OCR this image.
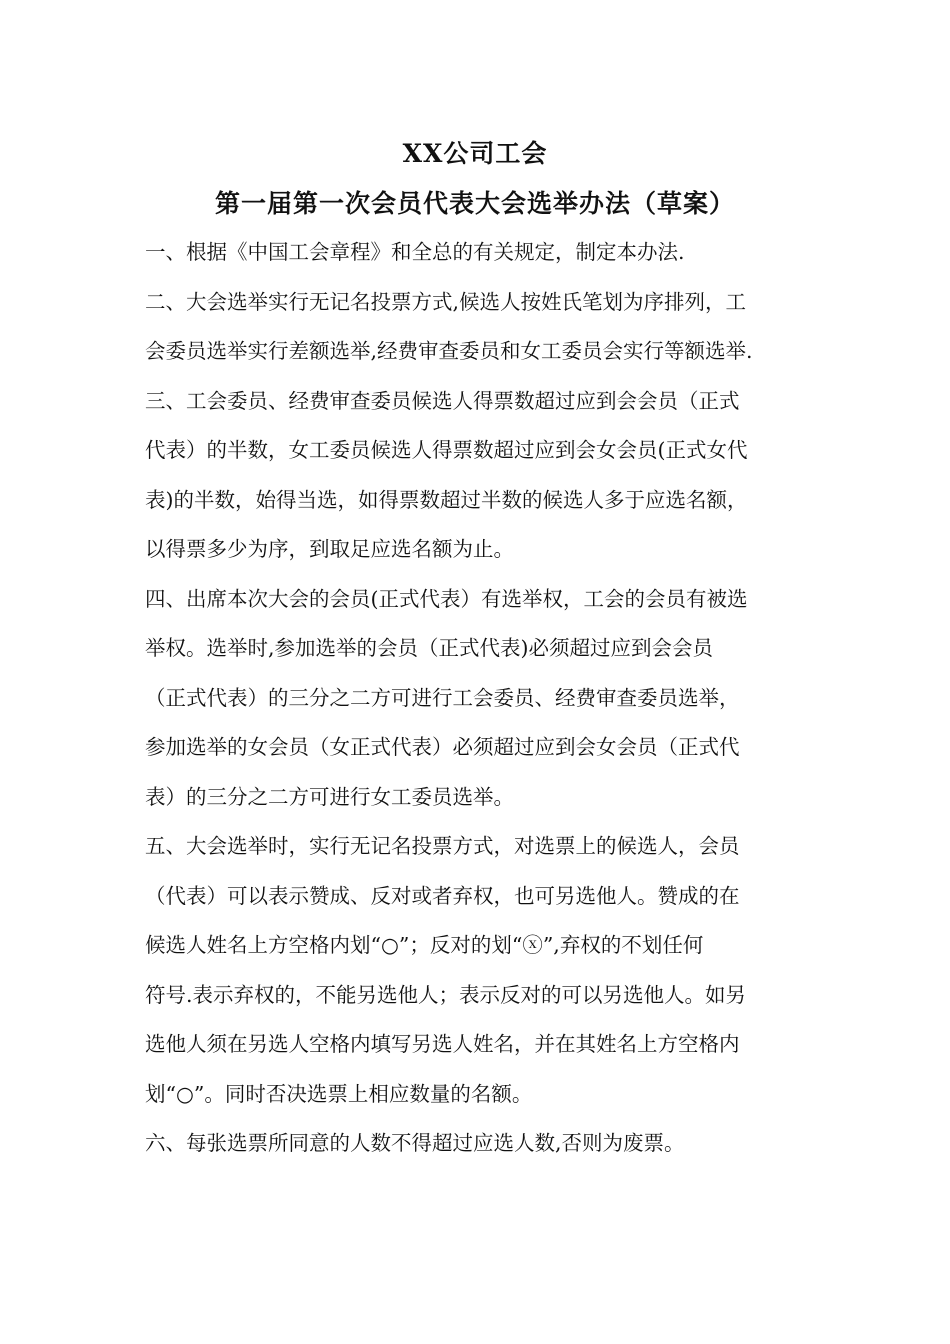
XX公司工会
第一届第一次会员代表大会选举办法（草案）
一、根据《中国工会章程》和全总的有关规定，制定本办法.
二、大会选举实行无记名投票方式,候选人按姓氏笔划为序排列，工
会委员选举实行差额选举,经费审查委员和女工委员会实行等额选举.
三、工会委员、经费审查委员候选人得票数超过应到会会员（正式
代表）的半数，女工委员候选人得票数超过应到会女会员(正式女代
表)的半数，始得当选，如得票数超过半数的候选人多于应选名额，
以得票多少为序，到取足应选名额为止。
四、出席本次大会的会员(正式代表）有选举权，工会的会员有被选
举权。选举时,参加选举的会员（正式代表)必须超过应到会会员
（正式代表）的三分之二方可进行工会委员、经费审查委员选举，
参加选举的女会员（女正式代表）必须超过应到会女会员（正式代
表）的三分之二方可进行女工委员选举。
五、大会选举时，实行无记名投票方式，对选票上的候选人，会员
（代表）可以表示赞成、反对或者弃权，也可另选他人。赞成的在
候选人姓名上方空格内划“○”；反对的划“ⓧ”,弃权的不划任何
符号.表示弃权的，不能另选他人；表示反对的可以另选他人。如另
选他人须在另选人空格内填写另选人姓名，并在其姓名上方空格内
划“○”。同时否决选票上相应数量的名额。
六、每张选票所同意的人数不得超过应选人数,否则为废票。
